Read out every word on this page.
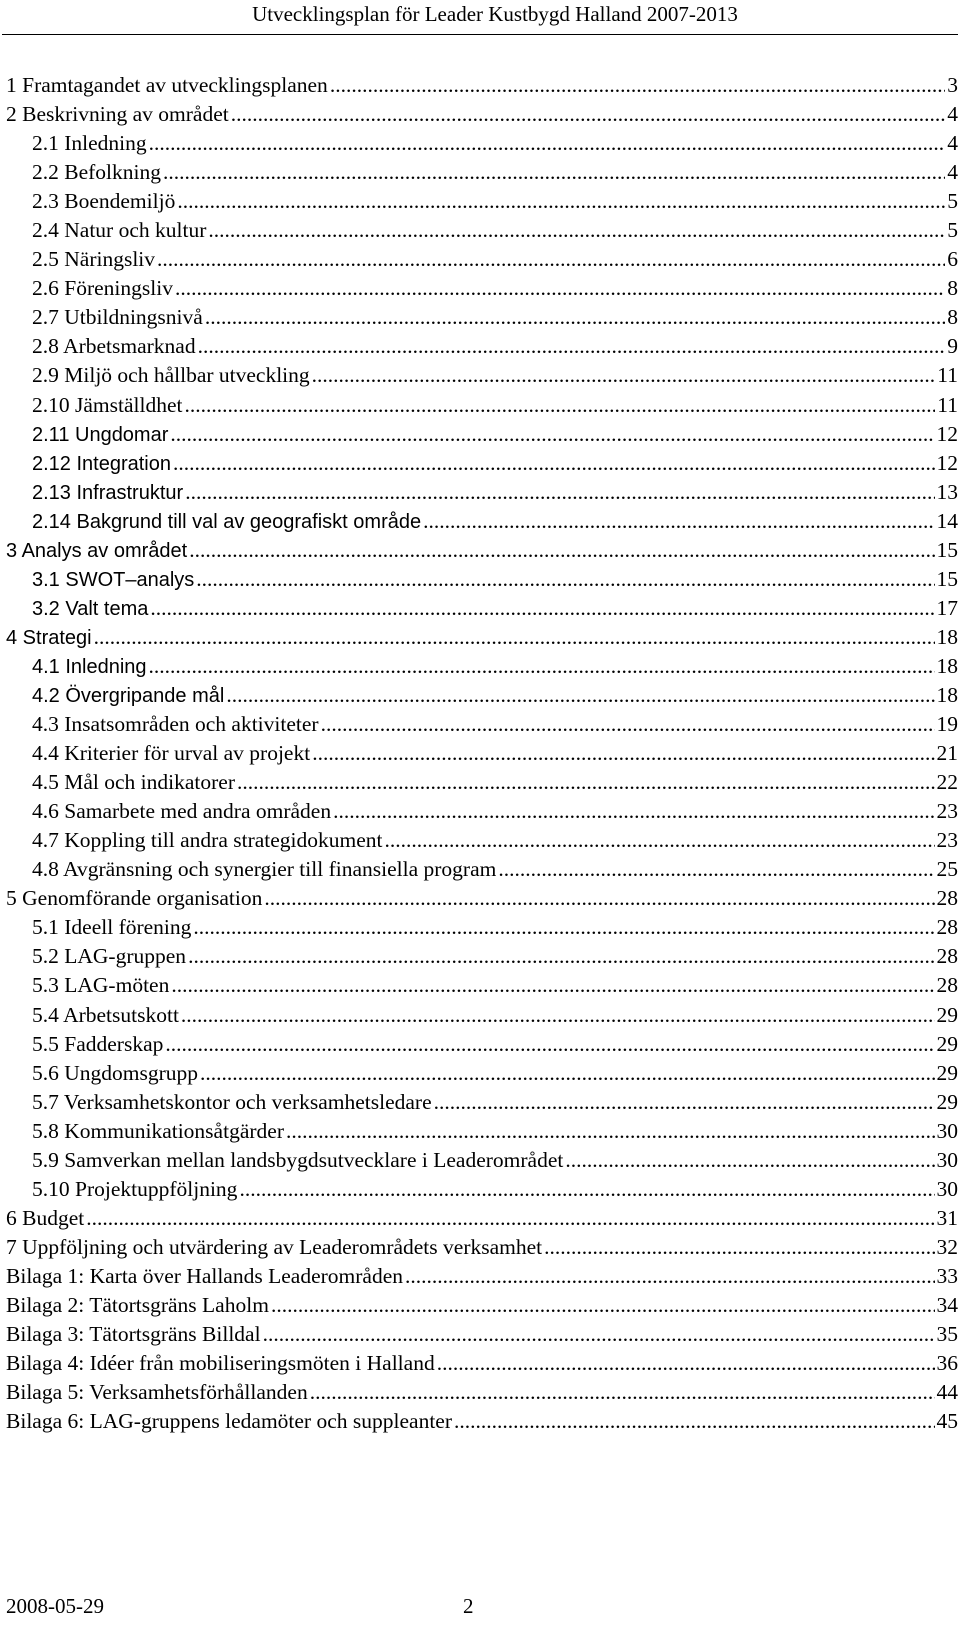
Utvecklingsplan för Leader Kustbygd Halland 2007-2013
1 Framtagandet av utvecklingsplanen .....	3
2 Beskrivning av området .....	4
2.1 Inledning .....	4
2.2 Befolkning .....	4
2.3 Boendemiljö .....	5
2.4 Natur och kultur .....	5
2.5 Näringsliv .....	6
2.6 Föreningsliv .....	8
2.7 Utbildningsnivå .....	8
2.8 Arbetsmarknad .....	9
2.9 Miljö och hållbar utveckling .....	11
2.10 Jämställdhet .....	11
2.11 Ungdomar .....	12
2.12 Integration .....	12
2.13 Infrastruktur .....	13
2.14 Bakgrund till val av geografiskt område .....	14
3 Analys av området .....	15
3.1 SWOT–analys .....	15
3.2 Valt tema .....	17
4 Strategi .....	18
4.1 Inledning .....	18
4.2 Övergripande mål .....	18
4.3 Insatsområden och aktiviteter .....	19
4.4 Kriterier för urval av projekt .....	21
4.5 Mål och indikatorer .....	22
4.6 Samarbete med andra områden .....	23
4.7 Koppling till andra strategidokument .....	23
4.8 Avgränsning och synergier till finansiella program .....	25
5 Genomförande organisation .....	28
5.1 Ideell förening .....	28
5.2 LAG-gruppen .....	28
5.3 LAG-möten .....	28
5.4 Arbetsutskott .....	29
5.5 Fadderskap .....	29
5.6 Ungdomsgrupp .....	29
5.7 Verksamhetskontor och verksamhetsledare .....	29
5.8 Kommunikationsåtgärder .....	30
5.9 Samverkan mellan landsbygdsutvecklare i Leaderområdet .....	30
5.10 Projektuppföljning .....	30
6 Budget .....	31
7 Uppföljning och utvärdering av Leaderområdets verksamhet .....	32
Bilaga 1: Karta över Hallands Leaderområden .....	33
Bilaga 2: Tätortsgräns Laholm .....	34
Bilaga 3: Tätortsgräns Billdal .....	35
Bilaga 4: Idéer från mobiliseringsmöten i Halland .....	36
Bilaga 5: Verksamhetsförhållanden .....	44
Bilaga 6: LAG-gruppens ledamöter och suppleanter .....	45
2008-05-29	2
